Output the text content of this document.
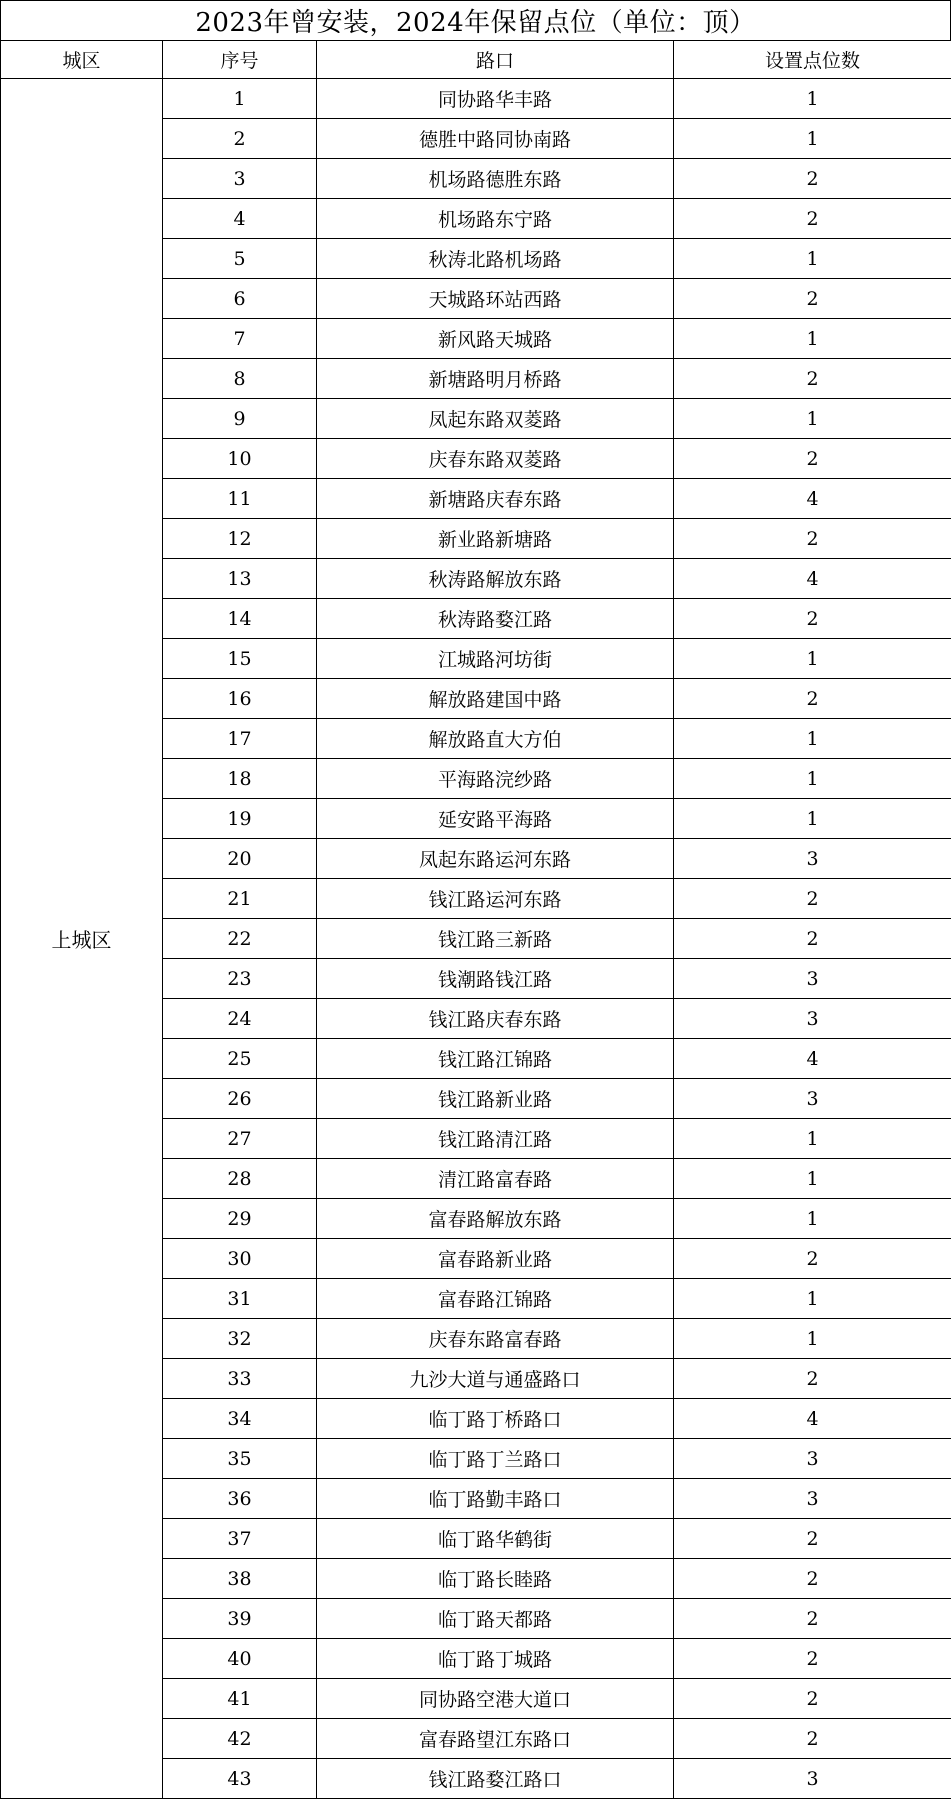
2023年曾安装，2024年保留点位（单位：顶）
城区	序号	路口	设置点位数
上城区	1	同协路华丰路	1
	2	德胜中路同协南路	1
	3	机场路德胜东路	2
	4	机场路东宁路	2
	5	秋涛北路机场路	1
	6	天城路环站西路	2
	7	新风路天城路	1
	8	新塘路明月桥路	2
	9	凤起东路双菱路	1
	10	庆春东路双菱路	2
	11	新塘路庆春东路	4
	12	新业路新塘路	2
	13	秋涛路解放东路	4
	14	秋涛路婺江路	2
	15	江城路河坊街	1
	16	解放路建国中路	2
	17	解放路直大方伯	1
	18	平海路浣纱路	1
	19	延安路平海路	1
	20	凤起东路运河东路	3
	21	钱江路运河东路	2
	22	钱江路三新路	2
	23	钱潮路钱江路	3
	24	钱江路庆春东路	3
	25	钱江路江锦路	4
	26	钱江路新业路	3
	27	钱江路清江路	1
	28	清江路富春路	1
	29	富春路解放东路	1
	30	富春路新业路	2
	31	富春路江锦路	1
	32	庆春东路富春路	1
	33	九沙大道与通盛路口	2
	34	临丁路丁桥路口	4
	35	临丁路丁兰路口	3
	36	临丁路勤丰路口	3
	37	临丁路华鹤街	2
	38	临丁路长睦路	2
	39	临丁路天都路	2
	40	临丁路丁城路	2
	41	同协路空港大道口	2
	42	富春路望江东路口	2
	43	钱江路婺江路口	3
